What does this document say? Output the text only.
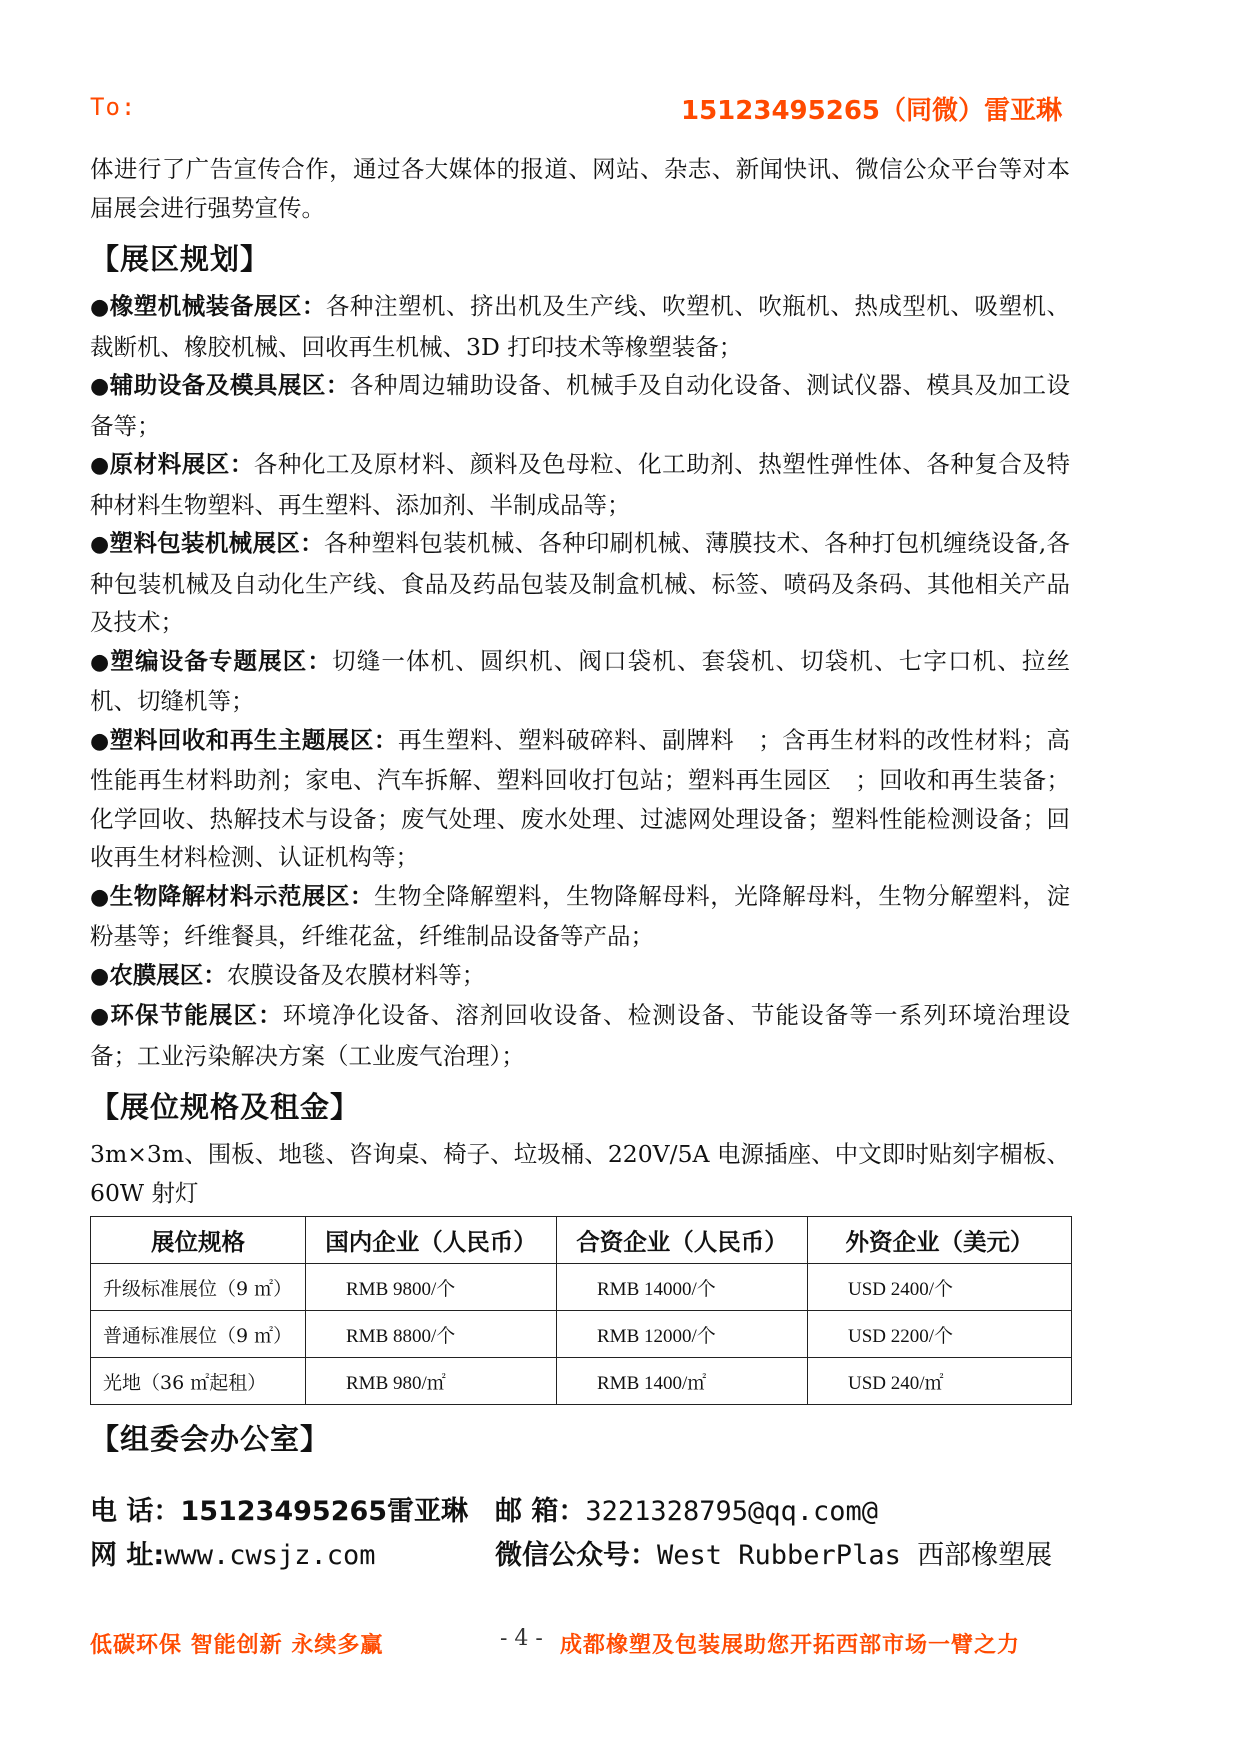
To:	15123495265（同微）雷亚琳

体进行了广告宣传合作，通过各大媒体的报道、网站、杂志、新闻快讯、微信公众平台等对本届展会进行强势宣传。

【展区规划】

●橡塑机械装备展区：各种注塑机、挤出机及生产线、吹塑机、吹瓶机、热成型机、吸塑机、裁断机、橡胶机械、回收再生机械、3D 打印技术等橡塑装备；

●辅助设备及模具展区：各种周边辅助设备、机械手及自动化设备、测试仪器、模具及加工设备等；

●原材料展区：各种化工及原材料、颜料及色母粒、化工助剂、热塑性弹性体、各种复合及特种材料生物塑料、再生塑料、添加剂、半制成品等；

●塑料包装机械展区：各种塑料包装机械、各种印刷机械、薄膜技术、各种打包机缠绕设备,各种包装机械及自动化生产线、食品及药品包装及制盒机械、标签、喷码及条码、其他相关产品及技术；

●塑编设备专题展区：切缝一体机、圆织机、阀口袋机、套袋机、切袋机、七字口机、拉丝机、切缝机等；

●塑料回收和再生主题展区：再生塑料、塑料破碎料、副牌料　；含再生材料的改性材料；高性能再生材料助剂；家电、汽车拆解、塑料回收打包站；塑料再生园区　；回收和再生装备；化学回收、热解技术与设备；废气处理、废水处理、过滤网处理设备；塑料性能检测设备；回收再生材料检测、认证机构等；

●生物降解材料示范展区：生物全降解塑料，生物降解母料，光降解母料，生物分解塑料，淀粉基等；纤维餐具，纤维花盆，纤维制品设备等产品；

●农膜展区：农膜设备及农膜材料等；

●环保节能展区：环境净化设备、溶剂回收设备、检测设备、节能设备等一系列环境治理设备；工业污染解决方案（工业废气治理）；

【展位规格及租金】

3m×3m、围板、地毯、咨询桌、椅子、垃圾桶、220V/5A 电源插座、中文即时贴刻字楣板、60W 射灯

展位规格	国内企业（人民币）	合资企业（人民币）	外资企业（美元）
升级标准展位（9 ㎡）	RMB 9800/个	RMB 14000/个	USD 2400/个
普通标准展位（9 ㎡）	RMB 8800/个	RMB 12000/个	USD 2200/个
光地（36 ㎡起租）	RMB 980/㎡	RMB 1400/㎡	USD 240/㎡
【组委会办公室】
电 话：15123495265雷亚琳 邮 箱：3221328795@qq.com@
网 址:www.cwsjz.com	微信公众号：West RubberPlas 西部橡塑展
低碳环保 智能创新 永续多赢	- 4 - 成都橡塑及包装展助您开拓西部市场一臂之力
